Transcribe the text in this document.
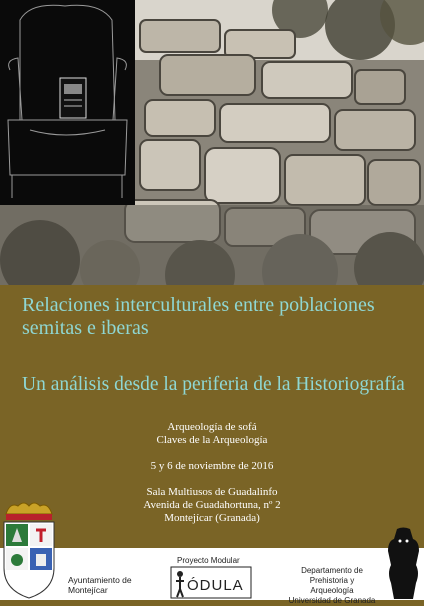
Relaciones interculturales entre poblaciones
semitas e iberas
Un análisis desde la periferia de la Historiografía
Arqueología de sofá
Claves de la Arqueología
5 y 6 de noviembre de 2016
Sala Multiusos de Guadalinfo
Avenida de Guadahortuna, nº 2
Montejícar (Granada)
Ayuntamiento de
Montejícar
Proyecto Modular
ÓDULA
Departamento de
Prehistoria y Arqueología
Universidad de Granada
